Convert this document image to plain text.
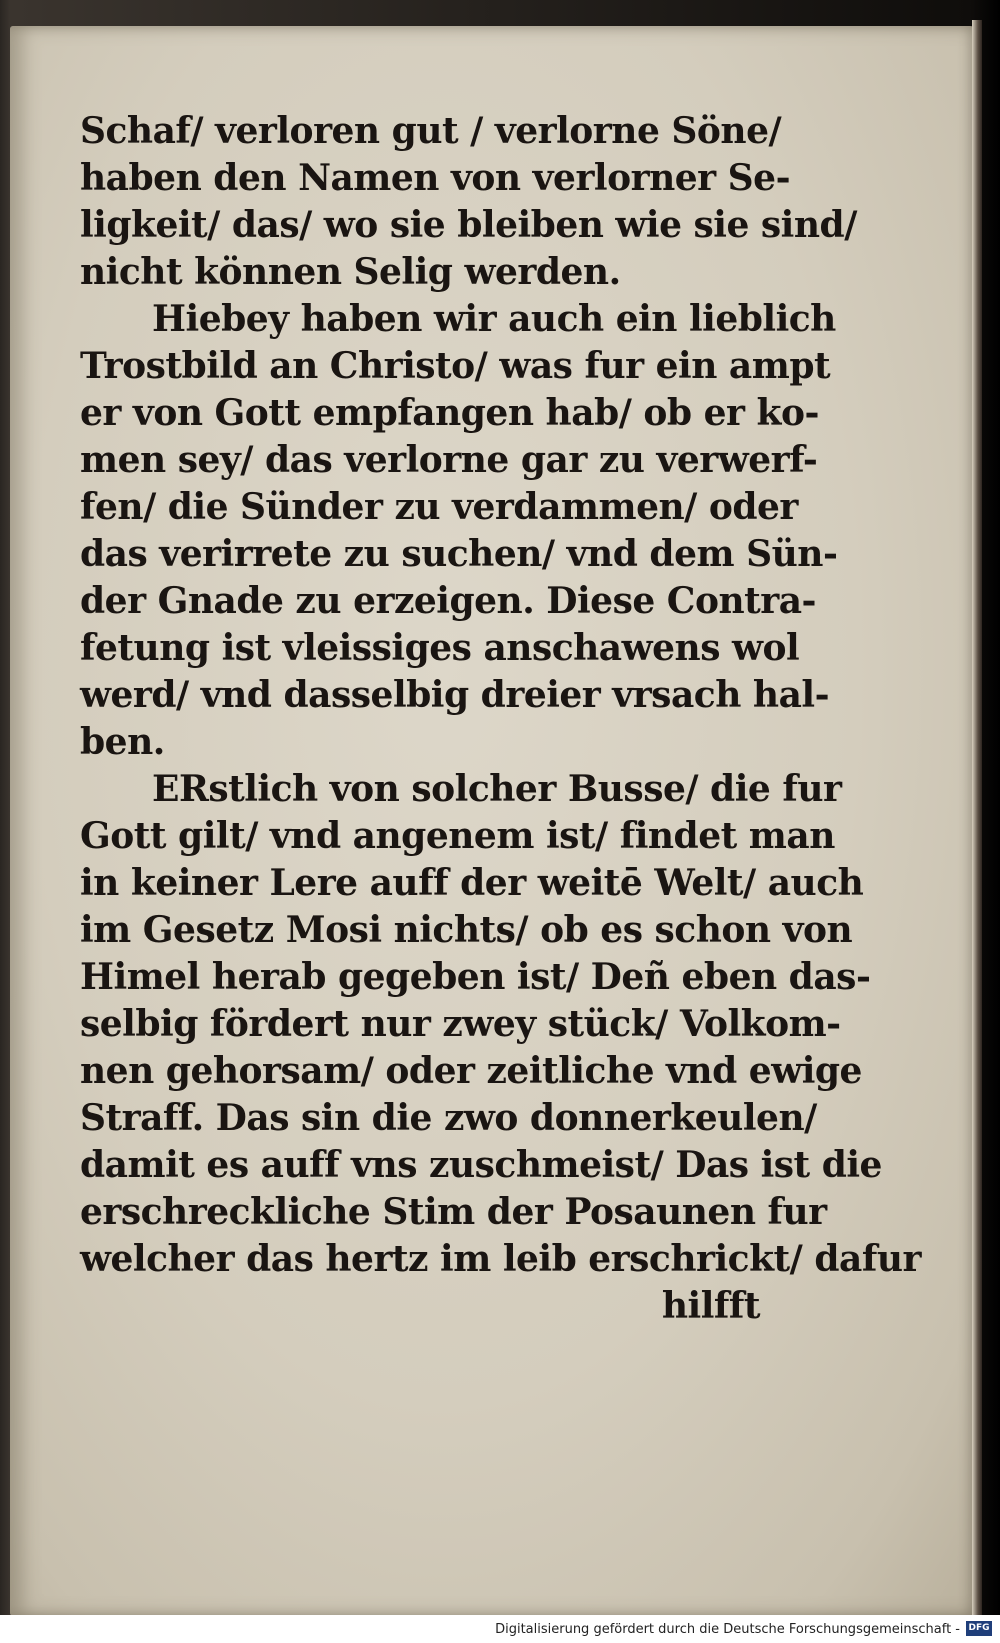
Schaf/ verloren gut / verlorne Söne/
haben den Namen von verlorner Se-
ligkeit/ das/ wo sie bleiben wie sie sind/
nicht können Selig werden.
Hiebey haben wir auch ein lieblich
Trostbild an Christo/ was fur ein ampt
er von Gott empfangen hab/ ob er ko-
men sey/ das verlorne gar zu verwerf-
fen/ die Sünder zu verdammen/ oder
das verirrete zu suchen/ vnd dem Sün-
der Gnade zu erzeigen. Diese Contra-
fetung ist vleissiges anschawens wol
werd/ vnd dasselbig dreier vrsach hal-
ben.
ERstlich von solcher Busse/ die fur
Gott gilt/ vnd angenem ist/ findet man
in keiner Lere auff der weitē Welt/ auch
im Gesetz Mosi nichts/ ob es schon von
Himel herab gegeben ist/ Deñ eben das-
selbig fördert nur zwey stück/ Volkom-
nen gehorsam/ oder zeitliche vnd ewige
Straff. Das sin die zwo donnerkeulen/
damit es auff vns zuschmeist/ Das ist die
erschreckliche Stim der Posaunen fur
welcher das hertz im leib erschrickt/ dafur
hilfft
Digitalisierung gefördert durch die Deutsche Forschungsgemeinschaft - DFG
